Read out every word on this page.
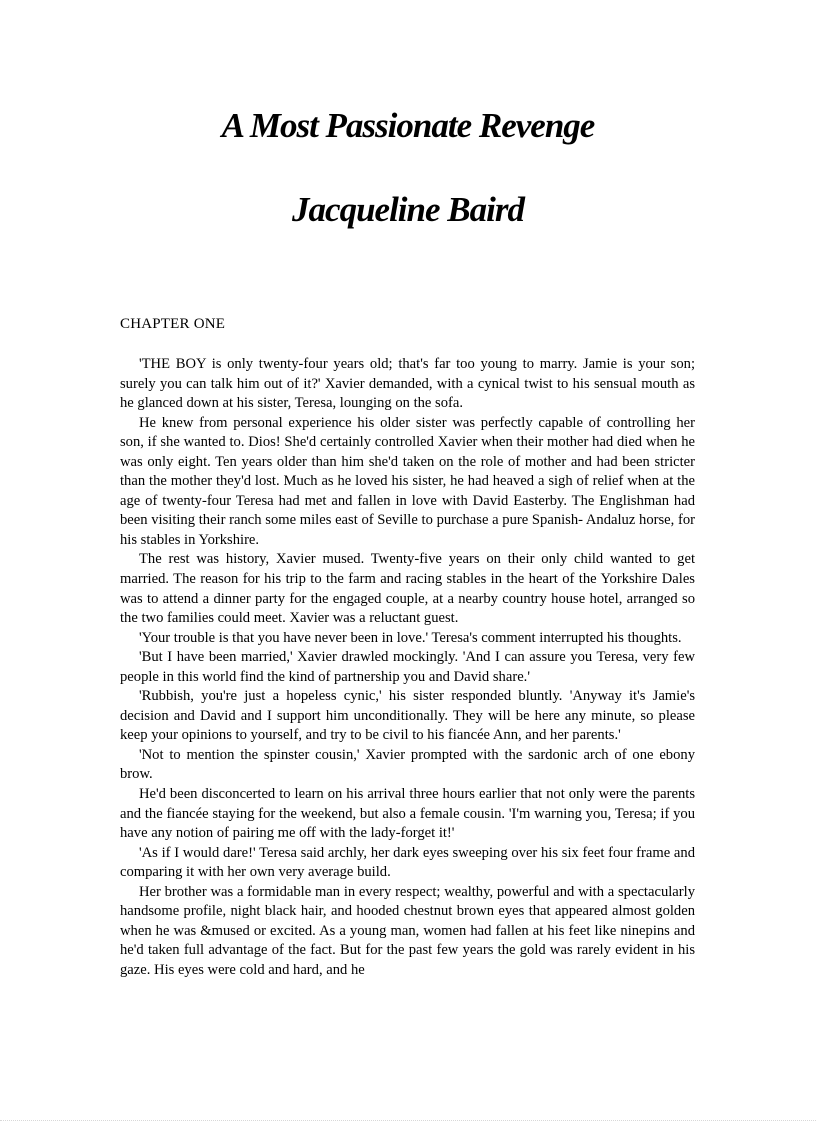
A Most Passionate Revenge
Jacqueline Baird
CHAPTER ONE

'THE BOY is only twenty-four years old; that's far too young to marry. Jamie is your son; surely you can talk him out of it?' Xavier demanded, with a cynical twist to his sensual mouth as he glanced down at his sister, Teresa, lounging on the sofa.

He knew from personal experience his older sister was perfectly capable of controlling her son, if she wanted to. Dios! She'd certainly controlled Xavier when their mother had died when he was only eight. Ten years older than him she'd taken on the role of mother and had been stricter than the mother they'd lost. Much as he loved his sister, he had heaved a sigh of relief when at the age of twenty-four Teresa had met and fallen in love with David Easterby. The Englishman had been visiting their ranch some miles east of Seville to purchase a pure Spanish- Andaluz horse, for his stables in Yorkshire.

The rest was history, Xavier mused. Twenty-five years on their only child wanted to get married. The reason for his trip to the farm and racing stables in the heart of the Yorkshire Dales was to attend a dinner party for the engaged couple, at a nearby country house hotel, arranged so the two families could meet. Xavier was a reluctant guest.

'Your trouble is that you have never been in love.' Teresa's comment interrupted his thoughts.

'But I have been married,' Xavier drawled mockingly. 'And I can assure you Teresa, very few people in this world find the kind of partnership you and David share.'

'Rubbish, you're just a hopeless cynic,' his sister responded bluntly. 'Anyway it's Jamie's decision and David and I support him unconditionally. They will be here any minute, so please keep your opinions to yourself, and try to be civil to his fiancée Ann, and her parents.'

'Not to mention the spinster cousin,' Xavier prompted with the sardonic arch of one ebony brow.

He'd been disconcerted to learn on his arrival three hours earlier that not only were the parents and the fiancée staying for the weekend, but also a female cousin. 'I'm warning you, Teresa; if you have any notion of pairing me off with the lady-forget it!'

'As if I would dare!' Teresa said archly, her dark eyes sweeping over his six feet four frame and comparing it with her own very average build.

Her brother was a formidable man in every respect; wealthy, powerful and with a spectacularly handsome profile, night black hair, and hooded chestnut brown eyes that appeared almost golden when he was &mused or excited. As a young man, women had fallen at his feet like ninepins and he'd taken full advantage of the fact. But for the past few years the gold was rarely evident in his gaze. His eyes were cold and hard, and he
